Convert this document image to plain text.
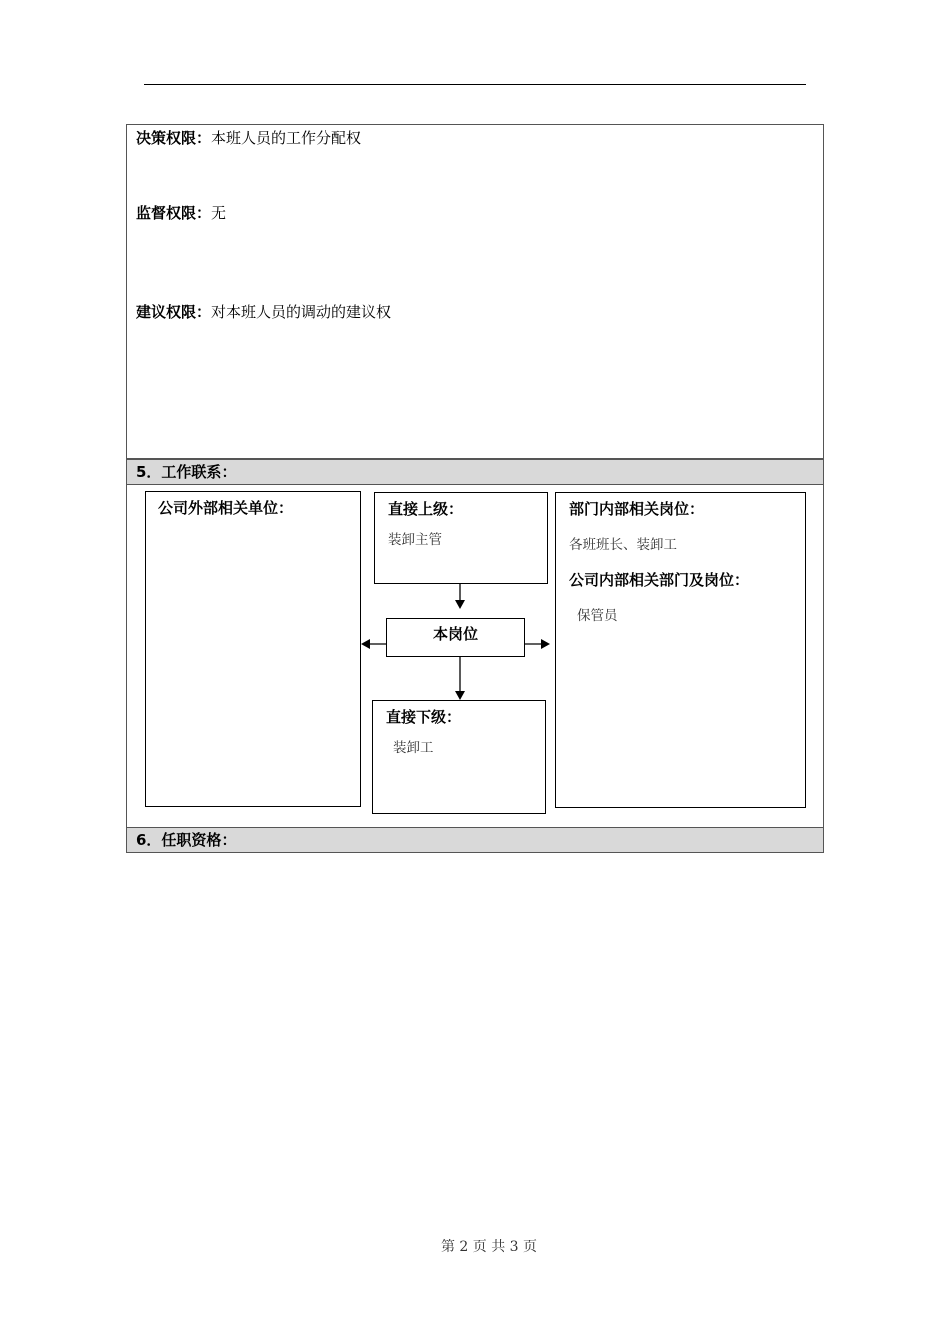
决策权限：本班人员的工作分配权
监督权限：无
建议权限：对本班人员的调动的建议权
5．工作联系：
公司外部相关单位：	直接上级：
装卸主管
本岗位
直接下级：
装卸工
部门内部相关岗位：
各班班长、装卸工
公司内部相关部门及岗位：
保管员
6．任职资格：
第 2 页 共 3 页
